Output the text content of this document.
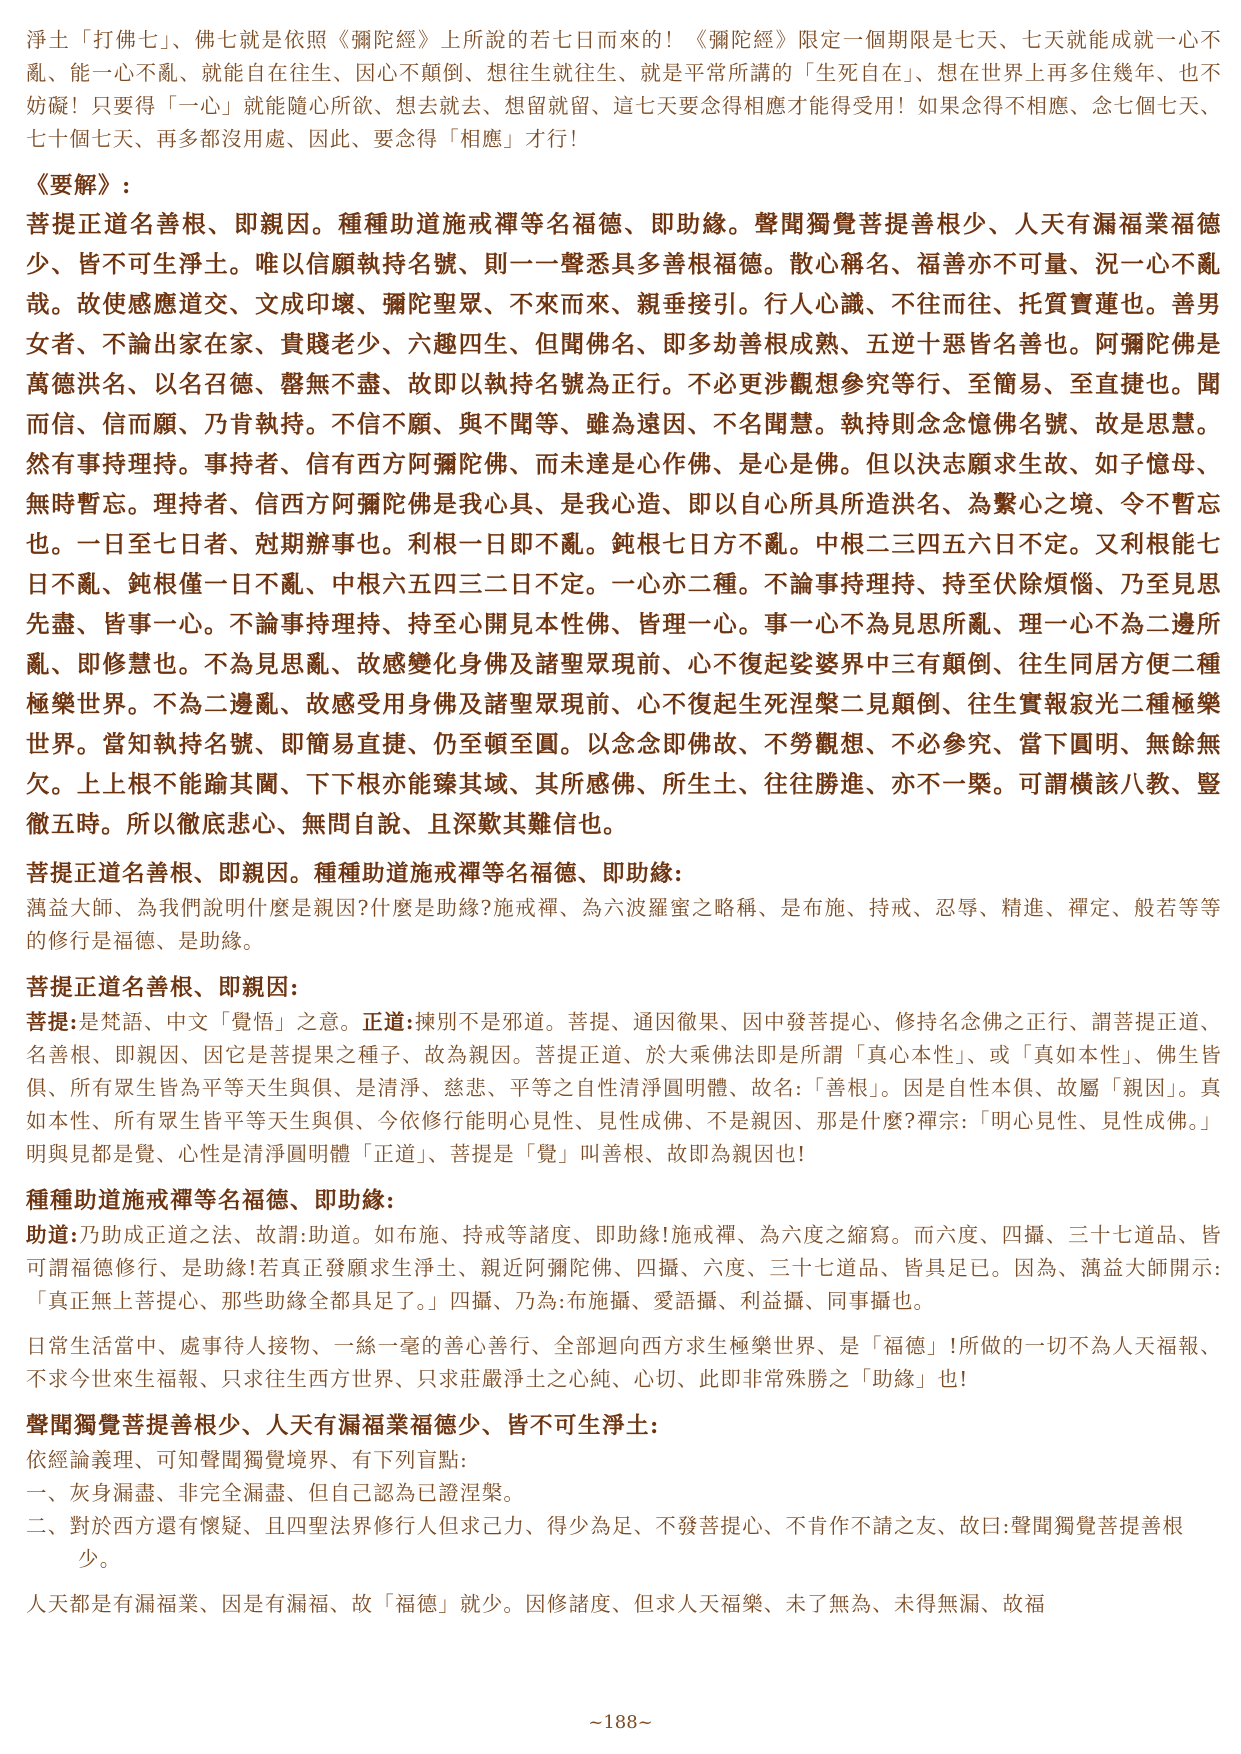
淨土「打佛七」、佛七就是依照《彌陀經》上所說的若七日而來的！《彌陀經》限定一個期限是七天、七天就能成就一心不亂、能一心不亂、就能自在往生、因心不顛倒、想往生就往生、就是平常所講的「生死自在」、想在世界上再多住幾年、也不妨礙！只要得「一心」就能隨心所欲、想去就去、想留就留、這七天要念得相應才能得受用！如果念得不相應、念七個七天、七十個七天、再多都沒用處、因此、要念得「相應」才行！

《要解》:

菩提正道名善根、即親因。種種助道施戒禪等名福德、即助緣。聲聞獨覺菩提善根少、人天有漏福業福德少、皆不可生淨土。唯以信願執持名號、則一一聲悉具多善根福德。散心稱名、福善亦不可量、況一心不亂哉。故使感應道交、文成印壞、彌陀聖眾、不來而來、親垂接引。行人心識、不往而往、托質寶蓮也。善男女者、不論出家在家、貴賤老少、六趣四生、但聞佛名、即多劫善根成熟、五逆十惡皆名善也。阿彌陀佛是萬德洪名、以名召德、罄無不盡、故即以執持名號為正行。不必更涉觀想參究等行、至簡易、至直捷也。聞而信、信而願、乃肯執持。不信不願、與不聞等、雖為遠因、不名聞慧。執持則念念憶佛名號、故是思慧。然有事持理持。事持者、信有西方阿彌陀佛、而未達是心作佛、是心是佛。但以決志願求生故、如子憶母、無時暫忘。理持者、信西方阿彌陀佛是我心具、是我心造、即以自心所具所造洪名、為繫心之境、令不暫忘也。一日至七日者、尅期辦事也。利根一日即不亂。鈍根七日方不亂。中根二三四五六日不定。又利根能七日不亂、鈍根僅一日不亂、中根六五四三二日不定。一心亦二種。不論事持理持、持至伏除煩惱、乃至見思先盡、皆事一心。不論事持理持、持至心開見本性佛、皆理一心。事一心不為見思所亂、理一心不為二邊所亂、即修慧也。不為見思亂、故感變化身佛及諸聖眾現前、心不復起娑婆界中三有顛倒、往生同居方便二種極樂世界。不為二邊亂、故感受用身佛及諸聖眾現前、心不復起生死涅槃二見顛倒、往生實報寂光二種極樂世界。當知執持名號、即簡易直捷、仍至頓至圓。以念念即佛故、不勞觀想、不必參究、當下圓明、無餘無欠。上上根不能踰其閫、下下根亦能臻其域、其所感佛、所生土、往往勝進、亦不一槩。可謂橫該八教、豎徹五時。所以徹底悲心、無問自說、且深歎其難信也。

菩提正道名善根、即親因。種種助道施戒禪等名福德、即助緣:

蕅益大師、為我們說明什麼是親因?什麼是助緣?施戒禪、為六波羅蜜之略稱、是布施、持戒、忍辱、精進、禪定、般若等等的修行是福德、是助緣。

菩提正道名善根、即親因:

菩提:是梵語、中文「覺悟」之意。正道:揀別不是邪道。菩提、通因徹果、因中發菩提心、修持名念佛之正行、謂菩提正道、名善根、即親因、因它是菩提果之種子、故為親因。菩提正道、於大乘佛法即是所謂「真心本性」、或「真如本性」、佛生皆俱、所有眾生皆為平等天生與俱、是清淨、慈悲、平等之自性清淨圓明體、故名:「善根」。因是自性本俱、故屬「親因」。真如本性、所有眾生皆平等天生與俱、今依修行能明心見性、見性成佛、不是親因、那是什麼?禪宗:「明心見性、見性成佛。」明與見都是覺、心性是清淨圓明體「正道」、菩提是「覺」叫善根、故即為親因也!

種種助道施戒禪等名福德、即助緣:

助道:乃助成正道之法、故謂:助道。如布施、持戒等諸度、即助緣!施戒禪、為六度之縮寫。而六度、四攝、三十七道品、皆可謂福德修行、是助緣!若真正發願求生淨土、親近阿彌陀佛、四攝、六度、三十七道品、皆具足已。因為、蕅益大師開示:「真正無上菩提心、那些助緣全都具足了。」四攝、乃為:布施攝、愛語攝、利益攝、同事攝也。

日常生活當中、處事待人接物、一絲一毫的善心善行、全部迴向西方求生極樂世界、是「福德」!所做的一切不為人天福報、不求今世來生福報、只求往生西方世界、只求莊嚴淨土之心純、心切、此即非常殊勝之「助緣」也!

聲聞獨覺菩提善根少、人天有漏福業福德少、皆不可生淨土:

依經論義理、可知聲聞獨覺境界、有下列盲點:

一、灰身漏盡、非完全漏盡、但自己認為已證涅槃。

二、對於西方還有懷疑、且四聖法界修行人但求己力、得少為足、不發菩提心、不肯作不請之友、故曰:聲聞獨覺菩提善根少。

人天都是有漏福業、因是有漏福、故「福德」就少。因修諸度、但求人天福樂、未了無為、未得無漏、故福

~188~
